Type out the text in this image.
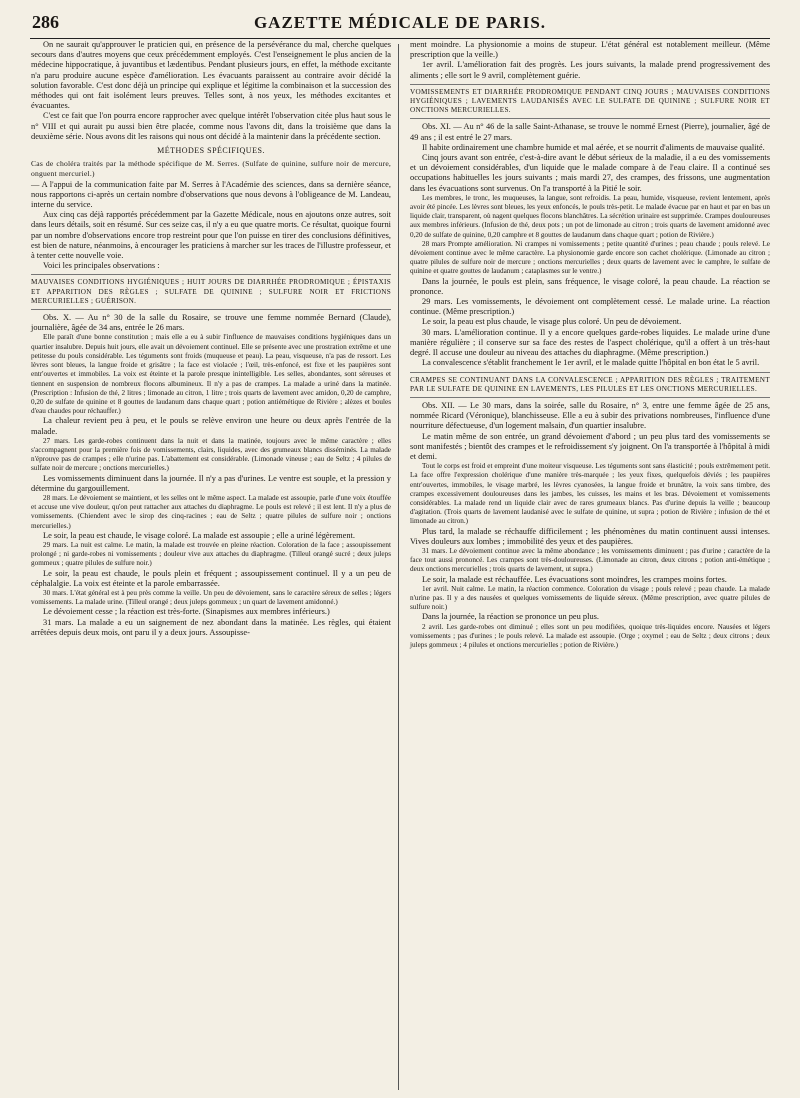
286	GAZETTE MÉDICALE DE PARIS.

On ne saurait qu'approuver le praticien qui, en présence de la persévérance du mal, cherche quelques secours dans d'autres moyens que ceux précédemment employés. C'est l'enseignement le plus ancien de la médecine hippocratique, à juvantibus et lædentibus. Pendant plusieurs jours, en effet, la méthode excitante n'a paru produire aucune espèce d'amélioration. Les évacuants paraissent au contraire avoir décidé la solution favorable. C'est donc déjà un principe qui explique et légitime la combinaison et la succession des méthodes qui ont fait isolément leurs preuves. Telles sont, à nos yeux, les méthodes excitantes et évacuantes.

C'est ce fait que l'on pourra encore rapprocher avec quelque intérêt l'observation citée plus haut sous le n° VIII et qui aurait pu aussi bien être placée, comme nous l'avons dit, dans la troisième que dans la deuxième série. Nous avons dit les raisons qui nous ont décidé à la maintenir dans la précédente section.

MÉTHODES SPÉCIFIQUES.

Cas de choléra traités par la méthode spécifique de M. Serres. (Sulfate de quinine, sulfure noir de mercure, onguent mercuriel.)

— A l'appui de la communication faite par M. Serres à l'Académie des sciences, dans sa dernière séance, nous rapportons ci-après un certain nombre d'observations que nous devons à l'obligeance de M. Landeau, interne du service.

Aux cinq cas déjà rapportés précédemment par la Gazette Médicale, nous en ajoutons onze autres, soit dans leurs détails, soit en résumé. Sur ces seize cas, il n'y a eu que quatre morts. Ce résultat, quoique fourni par un nombre d'observations encore trop restreint pour que l'on puisse en tirer des conclusions définitives, est bien de nature, néanmoins, à encourager les praticiens à marcher sur les traces de l'illustre professeur, et à tenter cette nouvelle voie.

Voici les principales observations :

MAUVAISES CONDITIONS HYGIÉNIQUES ; HUIT JOURS DE DIARRHÉE PRODROMIQUE ; ÉPISTAXIS ET APPARITION DES RÈGLES ; SULFATE DE QUININE ; SULFURE NOIR ET FRICTIONS MERCURIELLES ; GUÉRISON.

Obs. X. — Au n° 30 de la salle du Rosaire, se trouve une femme nommée Bernard (Claude), journalière, âgée de 34 ans, entrée le 26 mars.

Elle paraît d'une bonne constitution ; mais elle a eu à subir l'influence de mauvaises conditions hygiéniques dans un quartier insalubre. Depuis huit jours, elle avait un dévoiement continuel. Elle se présente avec une prostration extrême et une petitesse du pouls considérable. Les téguments sont froids (muqueuse et peau). La peau, visqueuse, n'a pas de ressort. Les lèvres sont bleues, la langue froide et grisâtre ; la face est violacée ; l'œil, très-enfoncé, est fixe et les paupières sont entr'ouvertes et immobiles. La voix est éteinte et la parole presque inintelligible. Les selles, abondantes, sont séreuses et tiennent en suspension de nombreux flocons albumineux. Il n'y a pas de crampes. La malade a uriné dans la matinée. (Prescription : Infusion de thé, 2 litres ; limonade au citron, 1 litre ; trois quarts de lavement avec amidon, 0,20 de camphre, 0,20 de sulfate de quinine et 8 gouttes de laudanum dans chaque quart ; potion antiémétique de Rivière ; alèzes et boules d'eau chaudes pour réchauffer.)

La chaleur revient peu à peu, et le pouls se relève environ une heure ou deux après l'entrée de la malade.

27 mars. Les garde-robes continuent dans la nuit et dans la matinée, toujours avec le même caractère ; elles s'accompagnent pour la première fois de vomissements, clairs, liquides, avec des grumeaux blancs disséminés. La malade n'éprouve pas de crampes ; elle n'urine pas. L'abattement est considérable. (Limonade vineuse ; eau de Seltz ; 4 pilules de sulfate noir de mercure ; onctions mercurielles.)

Les vomissements diminuent dans la journée. Il n'y a pas d'urines. Le ventre est souple, et la pression y détermine du gargouillement.

28 mars. Le dévoiement se maintient, et les selles ont le même aspect. La malade est assoupie, parle d'une voix étouffée et accuse une vive douleur, qu'on peut rattacher aux attaches du diaphragme. Le pouls est relevé ; il est lent. Il n'y a plus de vomissements. (Chiendent avec le sirop des cinq-racines ; eau de Seltz ; quatre pilules de sulfure noir ; onctions mercurielles.)

Le soir, la peau est chaude, le visage coloré. La malade est assoupie ; elle a uriné légèrement.

29 mars. La nuit est calme. Le matin, la malade est trouvée en pleine réaction. Coloration de la face ; assoupissement prolongé ; ni garde-robes ni vomissements ; douleur vive aux attaches du diaphragme. (Tilleul orangé sucré ; deux juleps gommeux ; quatre pilules de sulfure noir.)

Le soir, la peau est chaude, le pouls plein et fréquent ; assoupissement continuel. Il y a un peu de céphalalgie. La voix est éteinte et la parole embarrassée.

30 mars. L'état général est à peu près comme la veille. Un peu de dévoiement, sans le caractère séreux de selles ; légers vomissements. La malade urine. (Tilleul orangé ; deux juleps gommeux ; un quart de lavement amidonné.)

Le dévoiement cesse ; la réaction est très-forte. (Sinapismes aux membres inférieurs.)

31 mars. La malade a eu un saignement de nez abondant dans la matinée. Les règles, qui étaient arrêtées depuis deux mois, ont paru il y a deux jours. Assoupisse-

ment moindre. La physionomie a moins de stupeur. L'état général est notablement meilleur. (Même prescription que la veille.)

1er avril. L'amélioration fait des progrès. Les jours suivants, la malade prend progressivement des aliments ; elle sort le 9 avril, complètement guérie.

VOMISSEMENTS ET DIARRHÉE PRODROMIQUE PENDANT CINQ JOURS ; MAUVAISES CONDITIONS HYGIÉNIQUES ; LAVEMENTS LAUDANISÉS AVEC LE SULFATE DE QUININE ; SULFURE NOIR ET ONCTIONS MERCURIELLES.

Obs. XI. — Au n° 46 de la salle Saint-Athanase, se trouve le nommé Ernest (Pierre), journalier, âgé de 49 ans ; il est entré le 27 mars.

Il habite ordinairement une chambre humide et mal aérée, et se nourrit d'aliments de mauvaise qualité.

Cinq jours avant son entrée, c'est-à-dire avant le début sérieux de la maladie, il a eu des vomissements et un dévoiement considérables, d'un liquide que le malade compare à de l'eau claire. Il a continué ses occupations habituelles les jours suivants ; mais mardi 27, des crampes, des frissons, une augmentation dans les évacuations sont survenus. On l'a transporté à la Pitié le soir.

Les membres, le tronc, les muqueuses, la langue, sont refroidis. La peau, humide, visqueuse, revient lentement, après avoir été pincée. Les lèvres sont bleues, les yeux enfoncés, le pouls très-petit. Le malade évacue par en haut et par en bas un liquide clair, transparent, où nagent quelques flocons blanchâtres. La sécrétion urinaire est supprimée. Crampes douloureuses aux membres inférieurs. (Infusion de thé, deux pots ; un pot de limonade au citron ; trois quarts de lavement amidonné avec 0,20 de sulfate de quinine, 0,20 camphre et 8 gouttes de laudanum dans chaque quart ; potion de Rivière.)

28 mars Prompte amélioration. Ni crampes ni vomissements ; petite quantité d'urines ; peau chaude ; pouls relevé. Le dévoiement continue avec le même caractère. La physionomie garde encore son cachet cholérique. (Limonade au citron ; quatre pilules de sulfure noir de mercure ; onctions mercurielles ; deux quarts de lavement avec le camphre, le sulfate de quinine et quatre gouttes de laudanum ; cataplasmes sur le ventre.)

Dans la journée, le pouls est plein, sans fréquence, le visage coloré, la peau chaude. La réaction se prononce.

29 mars. Les vomissements, le dévoiement ont complètement cessé. Le malade urine. La réaction continue. (Même prescription.)

Le soir, la peau est plus chaude, le visage plus coloré. Un peu de dévoiement.

30 mars. L'amélioration continue. Il y a encore quelques garde-robes liquides. Le malade urine d'une manière régulière ; il conserve sur sa face des restes de l'aspect cholérique, qu'il a offert à un très-haut degré. Il accuse une douleur au niveau des attaches du diaphragme. (Même prescription.)

La convalescence s'établit franchement le 1er avril, et le malade quitte l'hôpital en bon état le 5 avril.

CRAMPES SE CONTINUANT DANS LA CONVALESCENCE ; APPARITION DES RÈGLES ; TRAITEMENT PAR LE SULFATE DE QUININE EN LAVEMENTS, LES PILULES ET LES ONCTIONS MERCURIELLES.

Obs. XII. — Le 30 mars, dans la soirée, salle du Rosaire, n° 3, entre une femme âgée de 25 ans, nommée Ricard (Véronique), blanchisseuse. Elle a eu à subir des privations nombreuses, l'influence d'une nourriture défectueuse, d'un logement malsain, d'un quartier insalubre.

Le matin même de son entrée, un grand dévoiement d'abord ; un peu plus tard des vomissements se sont manifestés ; bientôt des crampes et le refroidissement s'y joignent. On l'a transportée à l'hôpital à midi et demi.

Tout le corps est froid et empreint d'une moiteur visqueuse. Les téguments sont sans élasticité ; pouls extrêmement petit. La face offre l'expression cholérique d'une manière très-marquée ; les yeux fixes, quelquefois déviés ; les paupières entr'ouvertes, immobiles, le visage marbré, les lèvres cyanosées, la langue froide et brunâtre, la voix sans timbre, des crampes excessivement douloureuses dans les jambes, les cuisses, les mains et les bras. Dévoiement et vomissements considérables. La malade rend un liquide clair avec de rares grumeaux blancs. Pas d'urine depuis la veille ; beaucoup d'agitation. (Trois quarts de lavement laudanisé avec le sulfate de quinine, ut supra ; potion de Rivière ; infusion de thé et limonade au citron.)

Plus tard, la malade se réchauffe difficilement ; les phénomènes du matin continuent aussi intenses. Vives douleurs aux lombes ; immobilité des yeux et des paupières.

31 mars. Le dévoiement continue avec la même abondance ; les vomissements diminuent ; pas d'urine ; caractère de la face tout aussi prononcé. Les crampes sont très-douloureuses. (Limonade au citron, deux citrons ; potion anti-émétique ; deux onctions mercurielles ; trois quarts de lavement, ut supra.)

Le soir, la malade est réchauffée. Les évacuations sont moindres, les crampes moins fortes.

1er avril. Nuit calme. Le matin, la réaction commence. Coloration du visage ; pouls relevé ; peau chaude. La malade n'urine pas. Il y a des nausées et quelques vomissements de liquide séreux. (Même prescription, avec quatre pilules de sulfure noir.)

Dans la journée, la réaction se prononce un peu plus.

2 avril. Les garde-robes ont diminué ; elles sont un peu modifiées, quoique très-liquides encore. Nausées et légers vomissements ; pas d'urines ; le pouls relevé. La malade est assoupie. (Orge ; oxymel ; eau de Seltz ; deux citrons ; deux juleps gommeux ; 4 pilules et onctions mercurielles ; potion de Rivière.)
